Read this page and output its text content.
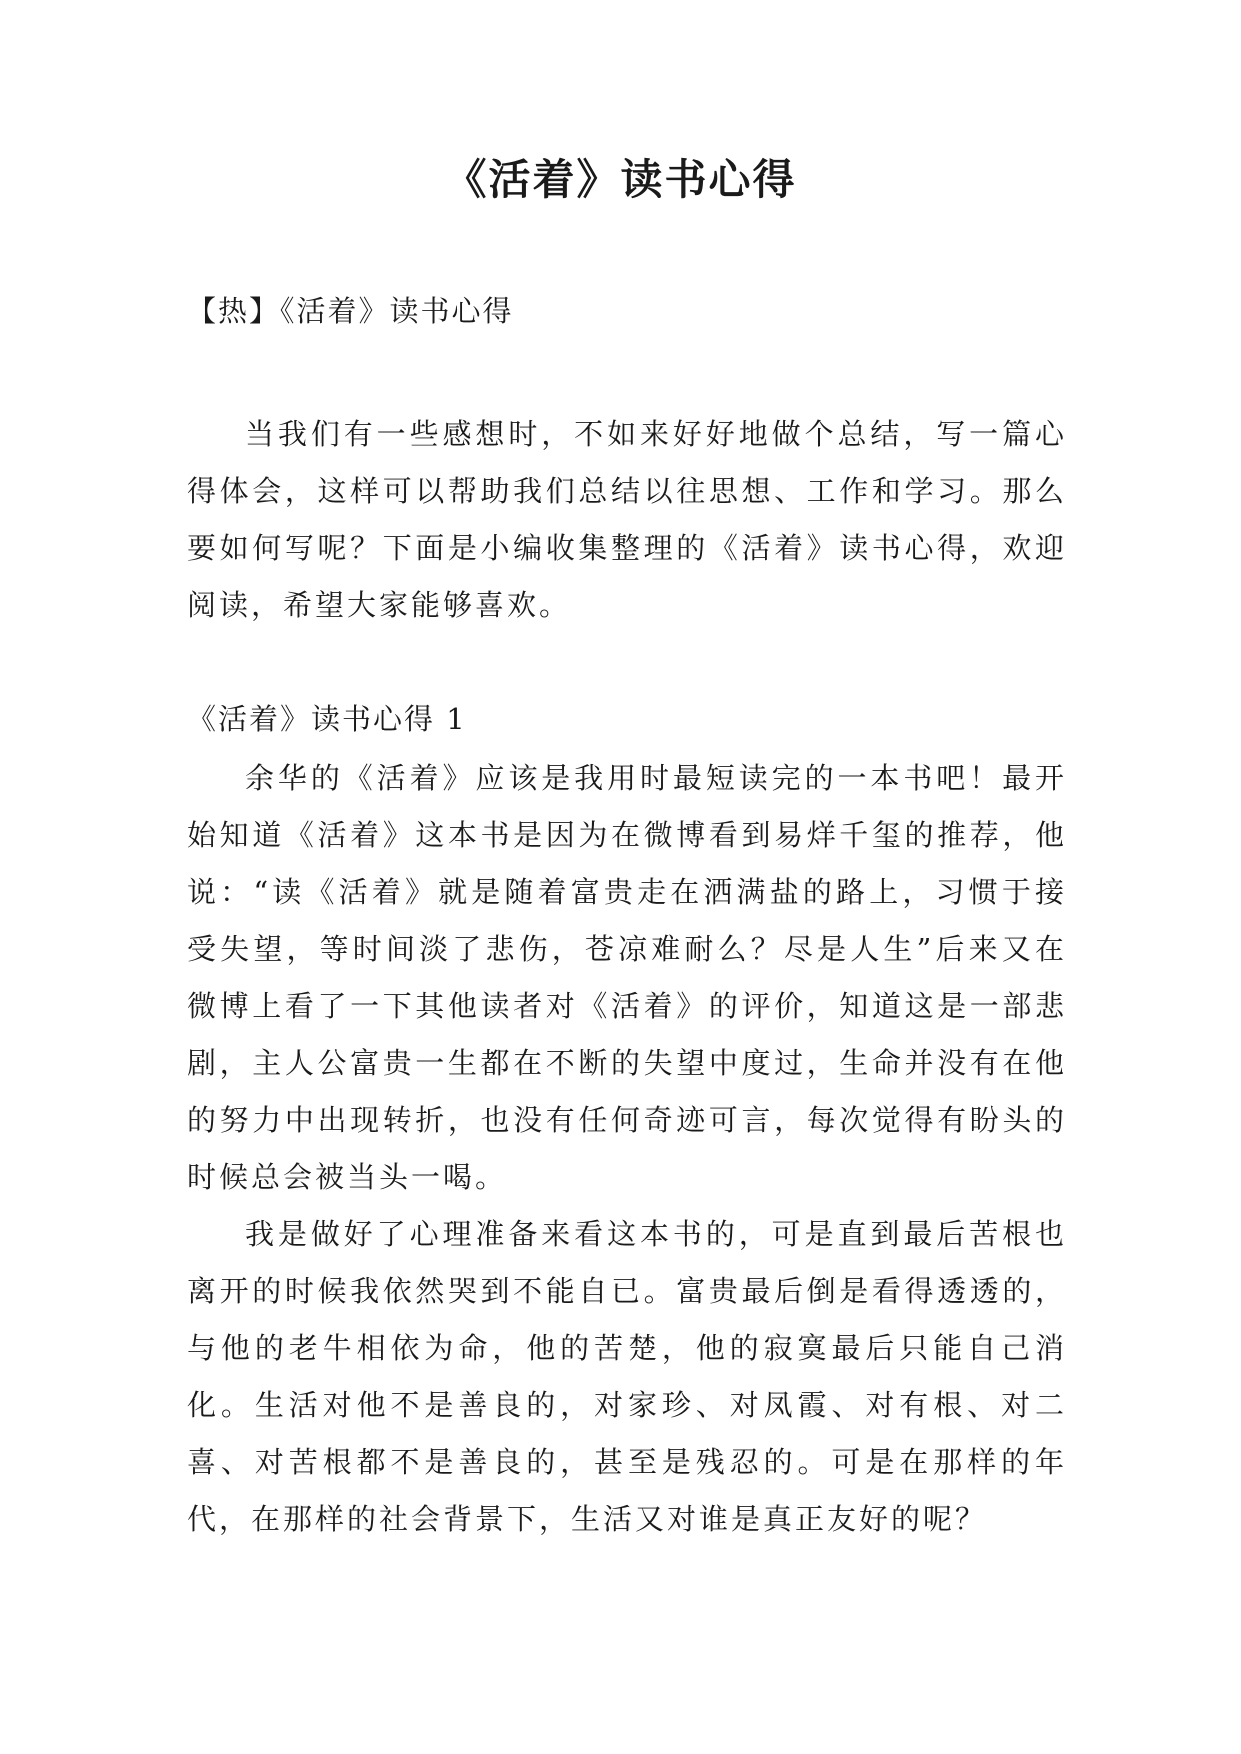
《活着》读书心得
【热】《活着》读书心得

当我们有一些感想时，不如来好好地做个总结，写一篇心得体会，这样可以帮助我们总结以往思想、工作和学习。那么要如何写呢？下面是小编收集整理的《活着》读书心得，欢迎阅读，希望大家能够喜欢。

《活着》读书心得 1

余华的《活着》应该是我用时最短读完的一本书吧！最开始知道《活着》这本书是因为在微博看到易烊千玺的推荐，他说：“读《活着》就是随着富贵走在洒满盐的路上，习惯于接受失望，等时间淡了悲伤，苍凉难耐么？尽是人生”后来又在微博上看了一下其他读者对《活着》的评价，知道这是一部悲剧，主人公富贵一生都在不断的失望中度过，生命并没有在他的努力中出现转折，也没有任何奇迹可言，每次觉得有盼头的时候总会被当头一喝。

我是做好了心理准备来看这本书的，可是直到最后苦根也离开的时候我依然哭到不能自已。富贵最后倒是看得透透的，与他的老牛相依为命，他的苦楚，他的寂寞最后只能自己消化。生活对他不是善良的，对家珍、对凤霞、对有根、对二喜、对苦根都不是善良的，甚至是残忍的。可是在那样的年代，在那样的社会背景下，生活又对谁是真正友好的呢？
